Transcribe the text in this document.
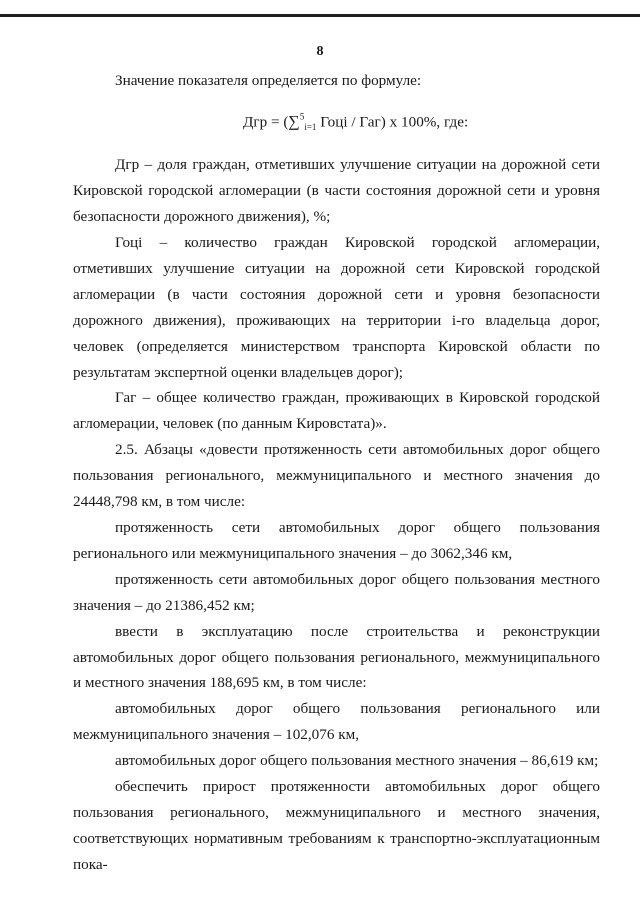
8

Значение показателя определяется по формуле:

Дгр = (∑$^5_{i=1}$ Гоці / Гаг) х 100%, где:

Дгр – доля граждан, отметивших улучшение ситуации на дорожной сети Кировской городской агломерации (в части состояния дорожной сети и уровня безопасности дорожного движения), %;

Гоці – количество граждан Кировской городской агломерации, отметивших улучшение ситуации на дорожной сети Кировской городской агломерации (в части состояния дорожной сети и уровня безопасности дорожного движения), проживающих на территории і-го владельца дорог, человек (определяется министерством транспорта Кировской области по результатам экспертной оценки владельцев дорог);

Гаг – общее количество граждан, проживающих в Кировской городской агломерации, человек (по данным Кировстата)».

2.5. Абзацы «довести протяженность сети автомобильных дорог общего пользования регионального, межмуниципального и местного значения до 24448,798 км, в том числе:

протяженность сети автомобильных дорог общего пользования регионального или межмуниципального значения – до 3062,346 км,

протяженность сети автомобильных дорог общего пользования местного значения – до 21386,452 км;

ввести в эксплуатацию после строительства и реконструкции автомобильных дорог общего пользования регионального, межмуниципального и местного значения 188,695 км, в том числе:

автомобильных дорог общего пользования регионального или межмуниципального значения – 102,076 км,

автомобильных дорог общего пользования местного значения – 86,619 км;

обеспечить прирост протяженности автомобильных дорог общего пользования регионального, межмуниципального и местного значения, соответствующих нормативным требованиям к транспортно-эксплуатационным пока-
